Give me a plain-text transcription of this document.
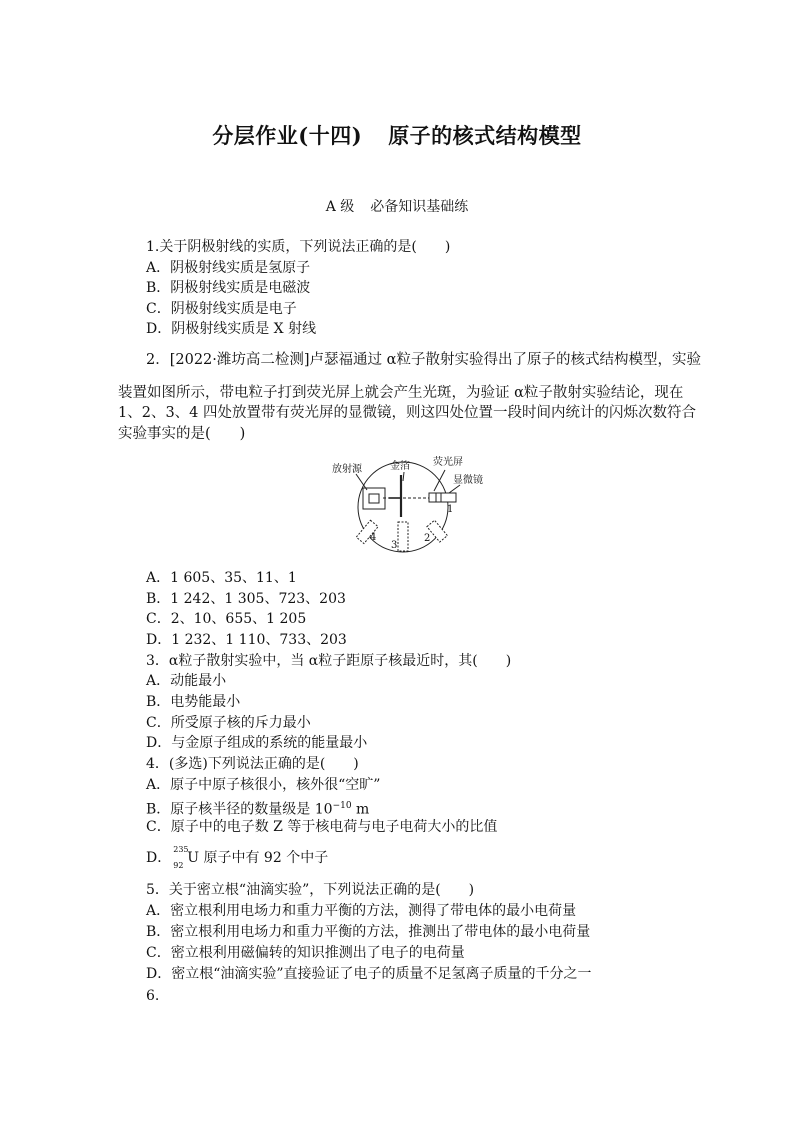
分层作业(十四) 原子的核式结构模型
A 级 必备知识基础练
1.关于阴极射线的实质，下列说法正确的是(　　)
A．阴极射线实质是氢原子
B．阴极射线实质是电磁波
C．阴极射线实质是电子
D．阴极射线实质是 X 射线
2．[2022·潍坊高二检测]卢瑟福通过 α粒子散射实验得出了原子的核式结构模型，实验
装置如图所示，带电粒子打到荧光屏上就会产生光斑，为验证 α粒子散射实验结论，现在
1、2、3、4 四处放置带有荧光屏的显微镜，则这四处位置一段时间内统计的闪烁次数符合
实验事实的是(　　)
放射源	金箔 荧光屏
显微镜
1
2
3
4
A．1 605、35、11、1
B．1 242、1 305、723、203
C．2、10、655、1 205
D．1 232、1 110、733、203
3．α粒子散射实验中，当 α粒子距原子核最近时，其(　　)
A．动能最小
B．电势能最小
C．所受原子核的斥力最小
D．与金原子组成的系统的能量最小
4．(多选)下列说法正确的是(　　)
A．原子中原子核很小，核外很“空旷”
B．原子核半径的数量级是 $10^{-10}$ m
C．原子中的电子数 Z 等于核电荷与电子电荷大小的比值
D．
235
92 U 原子中有 92 个中子
5．关于密立根“油滴实验”，下列说法正确的是(　　)
A．密立根利用电场力和重力平衡的方法，测得了带电体的最小电荷量
B．密立根利用电场力和重力平衡的方法，推测出了带电体的最小电荷量
C．密立根利用磁偏转的知识推测出了电子的电荷量
D．密立根“油滴实验”直接验证了电子的质量不足氢离子质量的千分之一
6.
